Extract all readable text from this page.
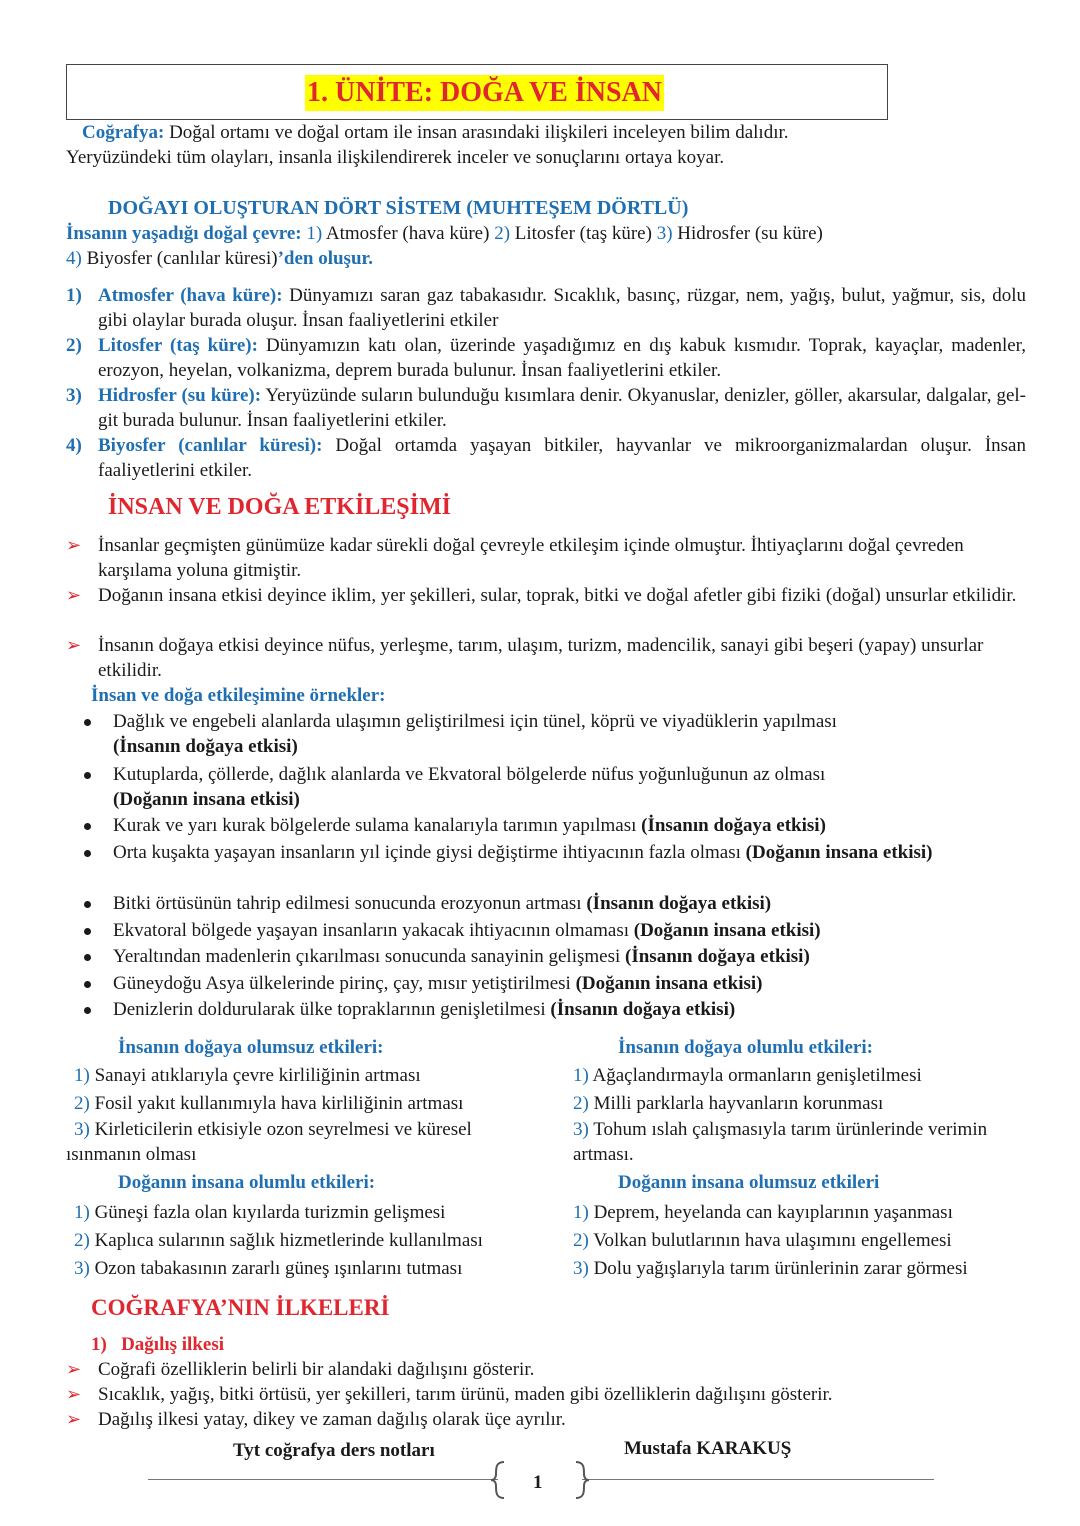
1. ÜNİTE: DOĞA VE İNSAN
Coğrafya: Doğal ortamı ve doğal ortam ile insan arasındaki ilişkileri inceleyen bilim dalıdır.
Yeryüzündeki tüm olayları, insanla ilişkilendirerek inceler ve sonuçlarını ortaya koyar.
DOĞAYI OLUŞTURAN DÖRT SİSTEM (MUHTEŞEM DÖRTLÜ)
İnsanın yaşadığı doğal çevre: 1) Atmosfer (hava küre) 2) Litosfer (taş küre) 3) Hidrosfer (su küre)
4) Biyosfer (canlılar küresi)’den oluşur.
1) Atmosfer (hava küre): Dünyamızı saran gaz tabakasıdır. Sıcaklık, basınç, rüzgar, nem, yağış, bulut, yağmur, sis, dolu gibi olaylar burada oluşur. İnsan faaliyetlerini etkiler
2) Litosfer (taş küre): Dünyamızın katı olan, üzerinde yaşadığımız en dış kabuk kısmıdır. Toprak, kayaçlar, madenler, erozyon, heyelan, volkanizma, deprem burada bulunur. İnsan faaliyetlerini etkiler.
3) Hidrosfer (su küre): Yeryüzünde suların bulunduğu kısımlara denir. Okyanuslar, denizler, göller, akarsular, dalgalar, gel-git burada bulunur. İnsan faaliyetlerini etkiler.
4) Biyosfer (canlılar küresi): Doğal ortamda yaşayan bitkiler, hayvanlar ve mikroorganizmalardan oluşur. İnsan faaliyetlerini etkiler.
İNSAN VE DOĞA ETKİLEŞİMİ
➢ İnsanlar geçmişten günümüze kadar sürekli doğal çevreyle etkileşim içinde olmuştur. İhtiyaçlarını doğal çevreden karşılama yoluna gitmiştir.
➢ Doğanın insana etkisi deyince iklim, yer şekilleri, sular, toprak, bitki ve doğal afetler gibi fiziki (doğal) unsurlar etkilidir.
➢ İnsanın doğaya etkisi deyince nüfus, yerleşme, tarım, ulaşım, turizm, madencilik, sanayi gibi beşeri (yapay) unsurlar etkilidir.
İnsan ve doğa etkileşimine örnekler:
Dağlık ve engebeli alanlarda ulaşımın geliştirilmesi için tünel, köprü ve viyadüklerin yapılması
(İnsanın doğaya etkisi)
Kutuplarda, çöllerde, dağlık alanlarda ve Ekvatoral bölgelerde nüfus yoğunluğunun az olması
(Doğanın insana etkisi)
Kurak ve yarı kurak bölgelerde sulama kanalarıyla tarımın yapılması (İnsanın doğaya etkisi)
Orta kuşakta yaşayan insanların yıl içinde giysi değiştirme ihtiyacının fazla olması (Doğanın insana etkisi)
Bitki örtüsünün tahrip edilmesi sonucunda erozyonun artması (İnsanın doğaya etkisi)
Ekvatoral bölgede yaşayan insanların yakacak ihtiyacının olmaması (Doğanın insana etkisi)
Yeraltından madenlerin çıkarılması sonucunda sanayinin gelişmesi (İnsanın doğaya etkisi)
Güneydoğu Asya ülkelerinde pirinç, çay, mısır yetiştirilmesi (Doğanın insana etkisi)
Denizlerin doldurularak ülke topraklarının genişletilmesi (İnsanın doğaya etkisi)
İnsanın doğaya olumsuz etkileri:
1) Sanayi atıklarıyla çevre kirliliğinin artması
2) Fosil yakıt kullanımıyla hava kirliliğinin artması
3) Kirleticilerin etkisiyle ozon seyrelmesi ve küresel
ısınmanın olması
İnsanın doğaya olumlu etkileri:
1) Ağaçlandırmayla ormanların genişletilmesi
2) Milli parklarla hayvanların korunması
3) Tohum ıslah çalışmasıyla tarım ürünlerinde verimin
artması.
Doğanın insana olumlu etkileri:
1) Güneşi fazla olan kıyılarda turizmin gelişmesi
2) Kaplıca sularının sağlık hizmetlerinde kullanılması
3) Ozon tabakasının zararlı güneş ışınlarını tutması
Doğanın insana olumsuz etkileri
1) Deprem, heyelanda can kayıplarının yaşanması
2) Volkan bulutlarının hava ulaşımını engellemesi
3) Dolu yağışlarıyla tarım ürünlerinin zarar görmesi
COĞRAFYA’NIN İLKELERİ
1)   Dağılış ilkesi
➢ Coğrafi özelliklerin belirli bir alandaki dağılışını gösterir.
➢ Sıcaklık, yağış, bitki örtüsü, yer şekilleri, tarım ürünü, maden gibi özelliklerin dağılışını gösterir.
➢ Dağılış ilkesi yatay, dikey ve zaman dağılış olarak üçe ayrılır.
Tyt coğrafya ders notları	Mustafa KARAKUŞ
1
